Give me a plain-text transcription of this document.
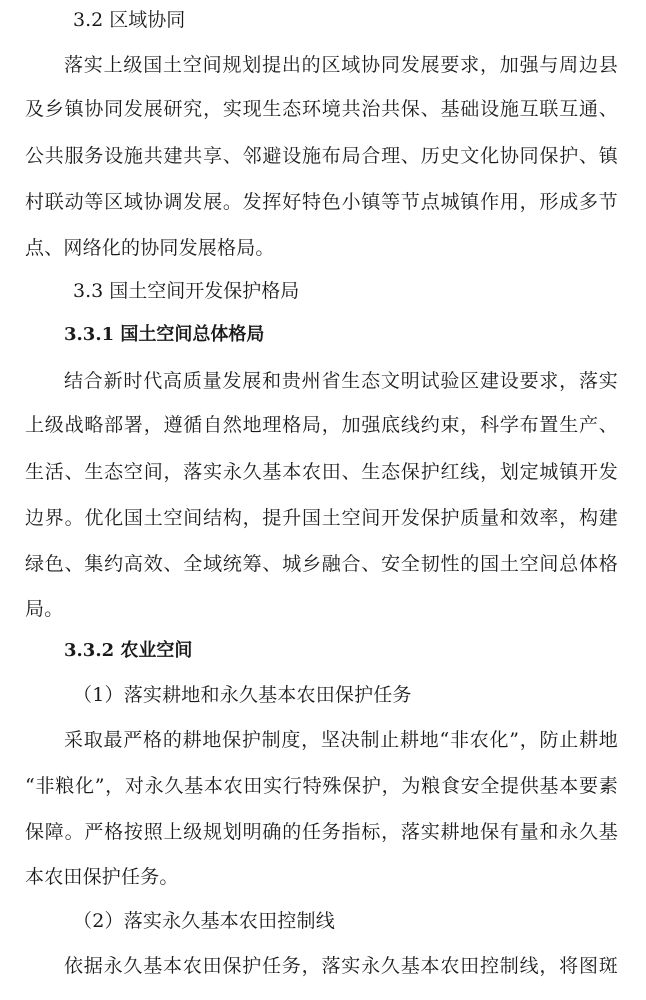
3.2 区域协同
落实上级国土空间规划提出的区域协同发展要求，加强与周边县
及乡镇协同发展研究，实现生态环境共治共保、基础设施互联互通、
公共服务设施共建共享、邻避设施布局合理、历史文化协同保护、镇
村联动等区域协调发展。发挥好特色小镇等节点城镇作用，形成多节
点、网络化的协同发展格局。
3.3 国土空间开发保护格局
3.3.1 国土空间总体格局
结合新时代高质量发展和贵州省生态文明试验区建设要求，落实
上级战略部署，遵循自然地理格局，加强底线约束，科学布置生产、
生活、生态空间，落实永久基本农田、生态保护红线，划定城镇开发
边界。优化国土空间结构，提升国土空间开发保护质量和效率，构建
绿色、集约高效、全域统筹、城乡融合、安全韧性的国土空间总体格
局。
3.3.2 农业空间
（1）落实耕地和永久基本农田保护任务
采取最严格的耕地保护制度，坚决制止耕地“非农化”，防止耕地
“非粮化”，对永久基本农田实行特殊保护，为粮食安全提供基本要素
保障。严格按照上级规划明确的任务指标，落实耕地保有量和永久基
本农田保护任务。
（2）落实永久基本农田控制线
依据永久基本农田保护任务，落实永久基本农田控制线，将图斑
